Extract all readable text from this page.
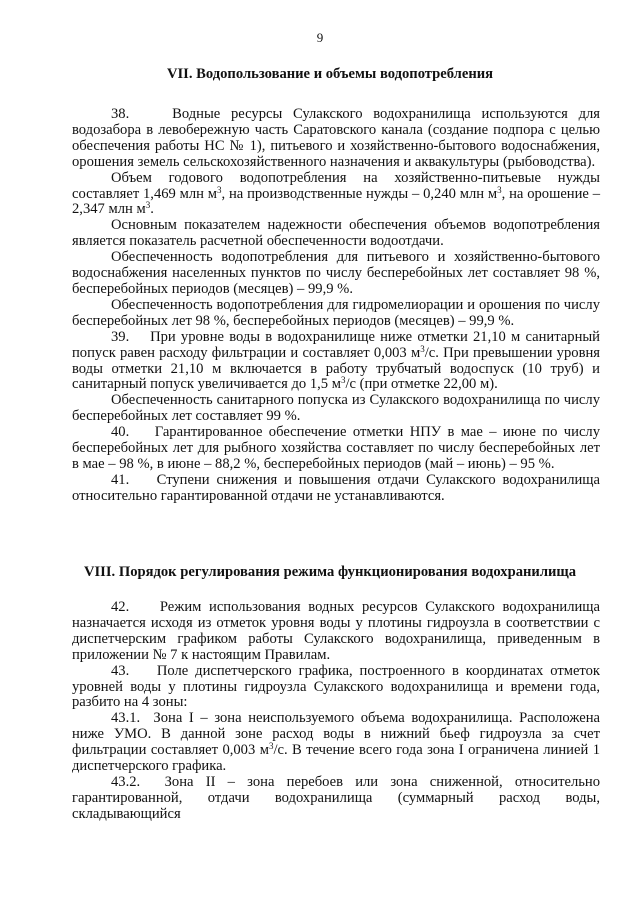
9
VII. Водопользование и объемы водопотребления

38.    Водные ресурсы Сулакского водохранилища используются для водозабора в левобережную часть Саратовского канала (создание подпора с целью обеспечения работы НС № 1), питьевого и хозяйственно-бытового водоснабжения, орошения земель сельскохозяйственного назначения и аквакультуры (рыбоводства).

Объем годового водопотребления на хозяйственно-питьевые нужды составляет 1,469 млн $м^3$, на производственные нужды – 0,240 млн $м^3$, на орошение – 2,347 млн $м^3$.

Основным показателем надежности обеспечения объемов водопотребления является показатель расчетной обеспеченности водоотдачи.

Обеспеченность водопотребления для питьевого и хозяйственно-бытового водоснабжения населенных пунктов по числу бесперебойных лет составляет 98 %, бесперебойных периодов (месяцев) – 99,9 %.

Обеспеченность водопотребления для гидромелиорации и орошения по числу бесперебойных лет 98 %, бесперебойных периодов (месяцев) – 99,9 %.

39.    При уровне воды в водохранилище ниже отметки 21,10 м санитарный попуск равен расходу фильтрации и составляет 0,003 $м^3/с$. При превышении уровня воды отметки 21,10 м включается в работу трубчатый водоспуск (10 труб) и санитарный попуск увеличивается до 1,5 $м^3/с$ (при отметке 22,00 м).

Обеспеченность санитарного попуска из Сулакского водохранилища по числу бесперебойных лет составляет 99 %.

40.    Гарантированное обеспечение отметки НПУ в мае – июне по числу бесперебойных лет для рыбного хозяйства составляет по числу бесперебойных лет в мае – 98 %, в июне – 88,2 %, бесперебойных периодов (май – июнь) – 95 %.

41.    Ступени снижения и повышения отдачи Сулакского водохранилища относительно гарантированной отдачи не устанавливаются.

VIII. Порядок регулирования режима функционирования водохранилища

42.    Режим использования водных ресурсов Сулакского водохранилища назначается исходя из отметок уровня воды у плотины гидроузла в соответствии с диспетчерским графиком работы Сулакского водохранилища, приведенным в приложении № 7 к настоящим Правилам.

43.    Поле диспетчерского графика, построенного в координатах отметок уровней воды у плотины гидроузла Сулакского водохранилища и времени года, разбито на 4 зоны:

43.1.  Зона I – зона неиспользуемого объема водохранилища. Расположена ниже УМО. В данной зоне расход воды в нижний бьеф гидроузла за счет фильтрации составляет 0,003 $м^3/с$. В течение всего года зона I ограничена линией 1 диспетчерского графика.

43.2.  Зона II – зона перебоев или зона сниженной, относительно гарантированной, отдачи водохранилища (суммарный расход воды, складывающийся
